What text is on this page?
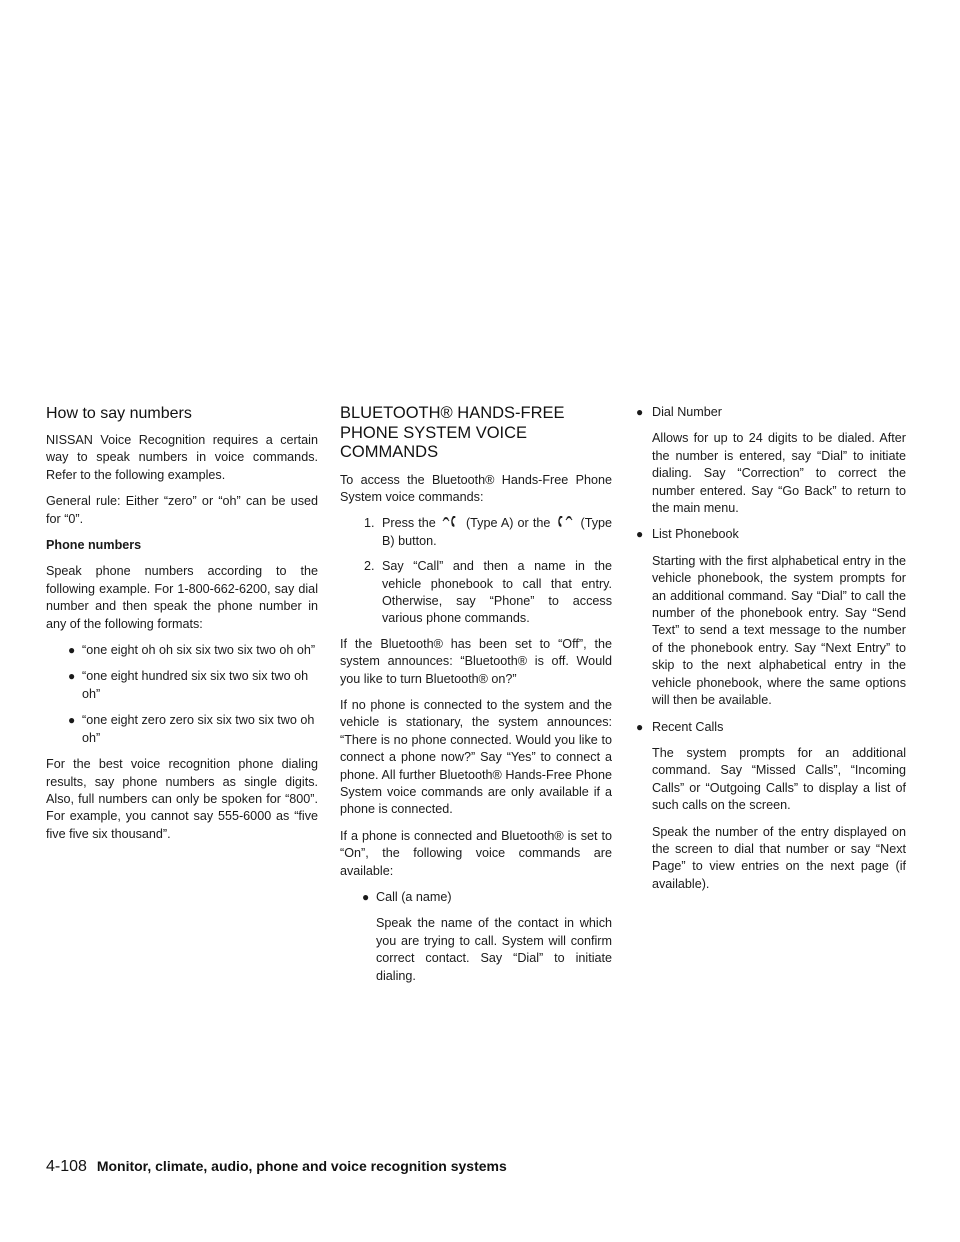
How to say numbers

NISSAN Voice Recognition requires a certain way to speak numbers in voice commands. Refer to the following examples.

General rule: Either “zero” or “oh” can be used for “0”.

Phone numbers

Speak phone numbers according to the following example. For 1-800-662-6200, say dial number and then speak the phone number in any of the following formats:

● “one eight oh oh six six two six two oh oh”
● “one eight hundred six six two six two oh oh”
● “one eight zero zero six six two six two oh oh”

For the best voice recognition phone dialing results, say phone numbers as single digits. Also, full numbers can only be spoken for “800”. For example, you cannot say 555-6000 as “five five five six thousand”.

BLUETOOTH® HANDS-FREE
PHONE SYSTEM VOICE
COMMANDS

To access the Bluetooth® Hands-Free Phone System voice commands:

1. Press the (Type A) or the (Type B) button.
2. Say “Call” and then a name in the vehicle phonebook to call that entry. Otherwise, say “Phone” to access various phone commands.

If the Bluetooth® has been set to “Off”, the system announces: “Bluetooth® is off. Would you like to turn Bluetooth® on?”

If no phone is connected to the system and the vehicle is stationary, the system announces: “There is no phone connected. Would you like to connect a phone now?” Say “Yes” to connect a phone. All further Bluetooth® Hands-Free Phone System voice commands are only available if a phone is connected.

If a phone is connected and Bluetooth® is set to “On”, the following voice commands are available:

● Call (a name)
Speak the name of the contact in which you are trying to call. System will confirm correct contact. Say “Dial” to initiate dialing.
● Dial Number
Allows for up to 24 digits to be dialed. After the number is entered, say “Dial” to initiate dialing. Say “Correction” to correct the number entered. Say “Go Back” to return to the main menu.
● List Phonebook
Starting with the first alphabetical entry in the vehicle phonebook, the system prompts for an additional command. Say “Dial” to call the number of the phonebook entry. Say “Send Text” to send a text message to the number of the phonebook entry. Say “Next Entry” to skip to the next alphabetical entry in the vehicle phonebook, where the same options will then be available.
● Recent Calls
The system prompts for an additional command. Say “Missed Calls”, “Incoming Calls” or “Outgoing Calls” to display a list of such calls on the screen.
Speak the number of the entry displayed on the screen to dial that number or say “Next Page” to view entries on the next page (if available).
4-108 Monitor, climate, audio, phone and voice recognition systems
